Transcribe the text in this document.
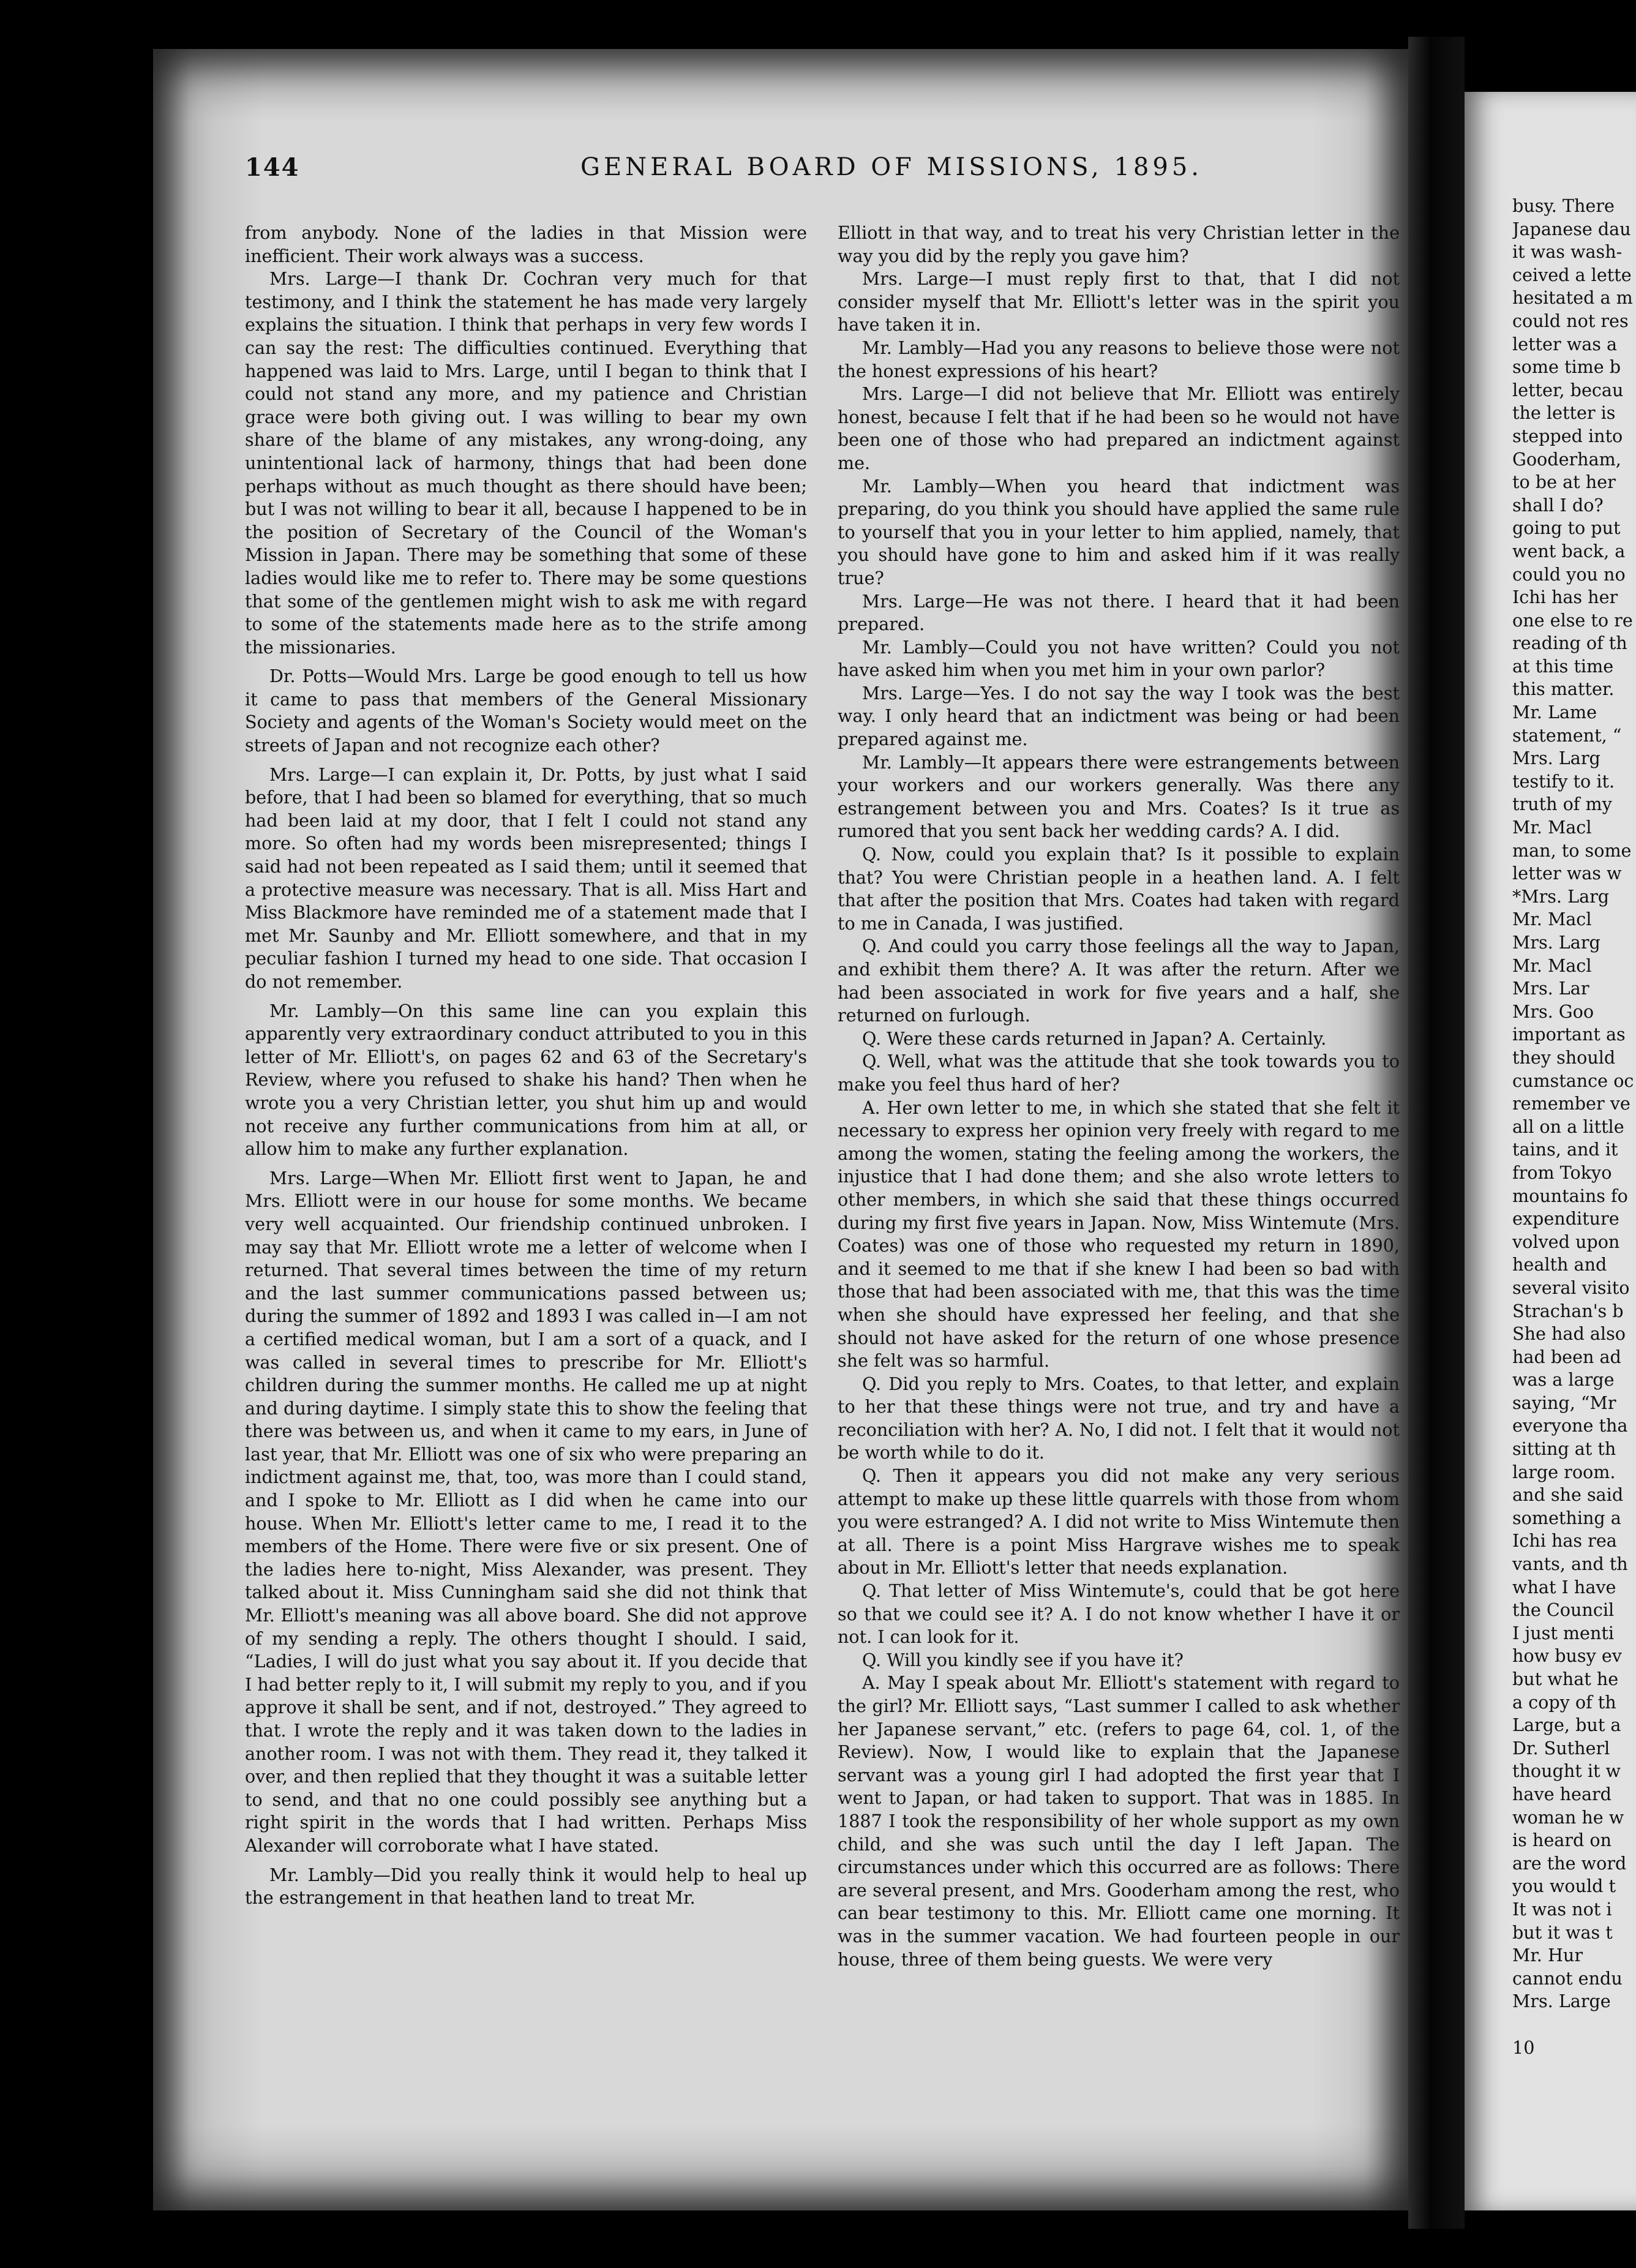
144	GENERAL BOARD OF MISSIONS, 1895.

from anybody. None of the ladies in that Mission were inefficient. Their work always was a success.

Mrs. Large—I thank Dr. Cochran very much for that testimony, and I think the statement he has made very largely explains the situation. I think that perhaps in very few words I can say the rest: The difficulties continued. Everything that happened was laid to Mrs. Large, until I began to think that I could not stand any more, and my patience and Christian grace were both giving out. I was willing to bear my own share of the blame of any mistakes, any wrong-doing, any unintentional lack of harmony, things that had been done perhaps without as much thought as there should have been; but I was not willing to bear it all, because I happened to be in the position of Secretary of the Council of the Woman's Mission in Japan. There may be something that some of these ladies would like me to refer to. There may be some questions that some of the gentlemen might wish to ask me with regard to some of the statements made here as to the strife among the missionaries.

Dr. Potts—Would Mrs. Large be good enough to tell us how it came to pass that members of the General Missionary Society and agents of the Woman's Society would meet on the streets of Japan and not recognize each other?

Mrs. Large—I can explain it, Dr. Potts, by just what I said before, that I had been so blamed for everything, that so much had been laid at my door, that I felt I could not stand any more. So often had my words been misrepresented; things I said had not been repeated as I said them; until it seemed that a protective measure was necessary. That is all. Miss Hart and Miss Blackmore have reminded me of a statement made that I met Mr. Saunby and Mr. Elliott somewhere, and that in my peculiar fashion I turned my head to one side. That occasion I do not remember.

Mr. Lambly—On this same line can you explain this apparently very extraordinary conduct attributed to you in this letter of Mr. Elliott's, on pages 62 and 63 of the Secretary's Review, where you refused to shake his hand? Then when he wrote you a very Christian letter, you shut him up and would not receive any further communications from him at all, or allow him to make any further explanation.

Mrs. Large—When Mr. Elliott first went to Japan, he and Mrs. Elliott were in our house for some months. We became very well acquainted. Our friendship continued unbroken. I may say that Mr. Elliott wrote me a letter of welcome when I returned. That several times between the time of my return and the last summer communications passed between us; during the summer of 1892 and 1893 I was called in—I am not a certified medical woman, but I am a sort of a quack, and I was called in several times to prescribe for Mr. Elliott's children during the summer months. He called me up at night and during daytime. I simply state this to show the feeling that there was between us, and when it came to my ears, in June of last year, that Mr. Elliott was one of six who were preparing an indictment against me, that, too, was more than I could stand, and I spoke to Mr. Elliott as I did when he came into our house. When Mr. Elliott's letter came to me, I read it to the members of the Home. There were five or six present. One of the ladies here to-night, Miss Alexander, was present. They talked about it. Miss Cunningham said she did not think that Mr. Elliott's meaning was all above board. She did not approve of my sending a reply. The others thought I should. I said, “Ladies, I will do just what you say about it. If you decide that I had better reply to it, I will submit my reply to you, and if you approve it shall be sent, and if not, destroyed.” They agreed to that. I wrote the reply and it was taken down to the ladies in another room. I was not with them. They read it, they talked it over, and then replied that they thought it was a suitable letter to send, and that no one could possibly see anything but a right spirit in the words that I had written. Perhaps Miss Alexander will corroborate what I have stated.

Mr. Lambly—Did you really think it would help to heal up the estrangement in that heathen land to treat Mr.

Elliott in that way, and to treat his very Christian letter in the way you did by the reply you gave him?

Mrs. Large—I must reply first to that, that I did not consider myself that Mr. Elliott's letter was in the spirit you have taken it in.

Mr. Lambly—Had you any reasons to believe those were not the honest expressions of his heart?

Mrs. Large—I did not believe that Mr. Elliott was entirely honest, because I felt that if he had been so he would not have been one of those who had prepared an indictment against me.

Mr. Lambly—When you heard that indictment was preparing, do you think you should have applied the same rule to yourself that you in your letter to him applied, namely, that you should have gone to him and asked him if it was really true?

Mrs. Large—He was not there. I heard that it had been prepared.

Mr. Lambly—Could you not have written? Could you not have asked him when you met him in your own parlor?

Mrs. Large—Yes. I do not say the way I took was the best way. I only heard that an indictment was being or had been prepared against me.

Mr. Lambly—It appears there were estrangements between your workers and our workers generally. Was there any estrangement between you and Mrs. Coates? Is it true as rumored that you sent back her wedding cards? A. I did.

Q. Now, could you explain that? Is it possible to explain that? You were Christian people in a heathen land. A. I felt that after the position that Mrs. Coates had taken with regard to me in Canada, I was justified.

Q. And could you carry those feelings all the way to Japan, and exhibit them there? A. It was after the return. After we had been associated in work for five years and a half, she returned on furlough.

Q. Were these cards returned in Japan? A. Certainly.

Q. Well, what was the attitude that she took towards you to make you feel thus hard of her?

A. Her own letter to me, in which she stated that she felt it necessary to express her opinion very freely with regard to me among the women, stating the feeling among the workers, the injustice that I had done them; and she also wrote letters to other members, in which she said that these things occurred during my first five years in Japan. Now, Miss Wintemute (Mrs. Coates) was one of those who requested my return in 1890, and it seemed to me that if she knew I had been so bad with those that had been associated with me, that this was the time when she should have expressed her feeling, and that she should not have asked for the return of one whose presence she felt was so harmful.

Q. Did you reply to Mrs. Coates, to that letter, and explain to her that these things were not true, and try and have a reconciliation with her? A. No, I did not. I felt that it would not be worth while to do it.

Q. Then it appears you did not make any very serious attempt to make up these little quarrels with those from whom you were estranged? A. I did not write to Miss Wintemute then at all. There is a point Miss Hargrave wishes me to speak about in Mr. Elliott's letter that needs explanation.

Q. That letter of Miss Wintemute's, could that be got here so that we could see it? A. I do not know whether I have it or not. I can look for it.

Q. Will you kindly see if you have it?

A. May I speak about Mr. Elliott's statement with regard to the girl? Mr. Elliott says, “Last summer I called to ask whether her Japanese servant,” etc. (refers to page 64, col. 1, of the Review). Now, I would like to explain that the Japanese servant was a young girl I had adopted the first year that I went to Japan, or had taken to support. That was in 1885. In 1887 I took the responsibility of her whole support as my own child, and she was such until the day I left Japan. The circumstances under which this occurred are as follows: There are several present, and Mrs. Gooderham among the rest, who can bear testimony to this. Mr. Elliott came one morning. It was in the summer vacation. We had fourteen people in our house, three of them being guests. We were very

busy. There
Japanese dau
it was wash-
ceived a lette
hesitated a m
could not res
letter was a
some time b
letter, becau
the letter is
stepped into
Gooderham,
to be at her
shall I do?
going to put
went back, a
could you no
Ichi has her
one else to re
reading of th
at this time
this matter.
Mr. Lame
statement, “
Mrs. Larg
testify to it.
truth of my
Mr. Macl
man, to some
letter was w
*Mrs. Larg
Mr. Macl
Mrs. Larg
Mr. Macl
Mrs. Lar
Mrs. Goo
important as
they should
cumstance oc
remember ve
all on a little
tains, and it
from Tokyo
mountains fo
expenditure
volved upon
health and
several visito
Strachan's b
She had also
had been ad
was a large
saying, “Mr
everyone tha
sitting at th
large room.
and she said
something a
Ichi has rea
vants, and th
what I have
the Council
I just menti
how busy ev
but what he
a copy of th
Large, but a
Dr. Sutherl
thought it w
have heard
woman he w
is heard on
are the word
you would t
It was not i
but it was t
Mr. Hur
cannot endu
Mrs. Large
10
